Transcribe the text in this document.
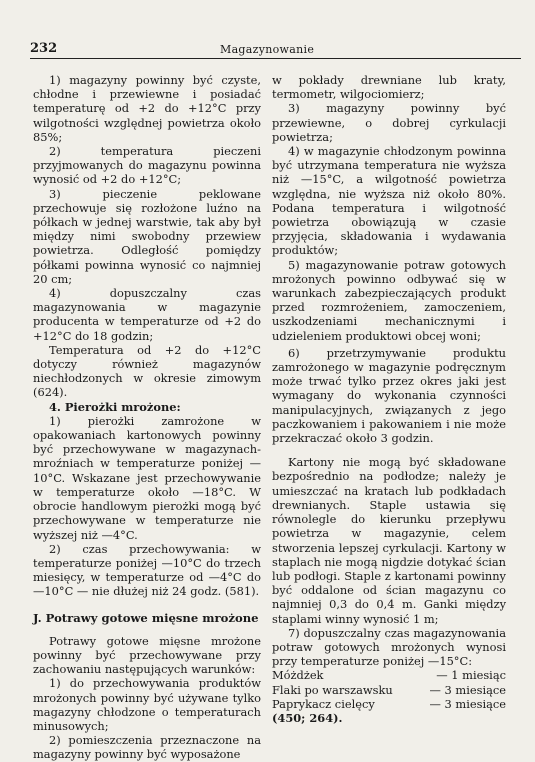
232	Magazynowanie

1) magazyny powinny być czyste, chłodne i przewiewne i posiadać temperaturę od +2 do +12°C przy wilgotności względnej powietrza około 85%;

2) temperatura pieczeni przyjmowanych do magazynu powinna wynosić od +2 do +12°C;

3) pieczenie peklowane przechowuje się rozłożone luźno na półkach w jednej warstwie, tak aby był między nimi swobodny przewiew powietrza. Odległość pomiędzy półkami powinna wynosić co najmniej 20 cm;

4) dopuszczalny czas magazynowania w magazynie producenta w temperaturze od +2 do +12°C do 18 godzin;

Temperatura od +2 do +12°C dotyczy również magazynów niechłodzonych w okresie zimowym (624).

4. Pierożki mrożone:

1) pierożki zamrożone w opakowaniach kartonowych powinny być przechowywane w magazynach-mroźniach w temperaturze poniżej —10°C. Wskazane jest przechowywanie w temperaturze około —18°C. W obrocie handlowym pierożki mogą być przechowywane w temperaturze nie wyższej niż —4°C.

2) czas przechowywania: w temperaturze poniżej —10°C do trzech miesięcy, w temperaturze od —4°C do —10°C — nie dłużej niż 24 godz. (581).

J. Potrawy gotowe mięsne mrożone

Potrawy gotowe mięsne mrożone powinny być przechowywane przy zachowaniu następujących warunków:

1) do przechowywania produktów mrożonych powinny być używane tylko magazyny chłodzone o temperaturach minusowych;

2) pomieszczenia przeznaczone na magazyny powinny być wyposażone

w pokłady drewniane lub kraty, termometr, wilgociomierz;

3) magazyny powinny być przewiewne, o dobrej cyrkulacji powietrza;

4) w magazynie chłodzonym powinna być utrzymana temperatura nie wyższa niż —15°C, a wilgotność powietrza względna, nie wyższa niż około 80%. Podana temperatura i wilgotność powietrza obowiązują w czasie przyjęcia, składowania i wydawania produktów;

5) magazynowanie potraw gotowych mrożonych powinno odbywać się w warunkach zabezpieczających produkt przed rozmrożeniem, zamoczeniem, uszkodzeniami mechanicznymi i udzieleniem produktowi obcej woni;

6) przetrzymywanie produktu zamrożonego w magazynie podręcznym może trwać tylko przez okres jaki jest wymagany do wykonania czynności manipulacyjnych, związanych z jego paczkowaniem i pakowaniem i nie może przekraczać około 3 godzin.

Kartony nie mogą być składowane bezpośrednio na podłodze; należy je umieszczać na kratach lub podkładach drewnianych. Staple ustawia się równolegle do kierunku przepływu powietrza w magazynie, celem stworzenia lepszej cyrkulacji. Kartony w staplach nie mogą nigdzie dotykać ścian lub podłogi. Staple z kartonami powinny być oddalone od ścian magazynu co najmniej 0,3 do 0,4 m. Ganki między staplami winny wynosić 1 m;

7) dopuszczalny czas magazynowania potraw gotowych mrożonych wynosi przy temperaturze poniżej —15°C:

Móżdżek	— 1 miesiąc
Flaki po warszawsku	— 3 miesiące
Paprykacz cielęcy	— 3 miesiące

(450; 264).
